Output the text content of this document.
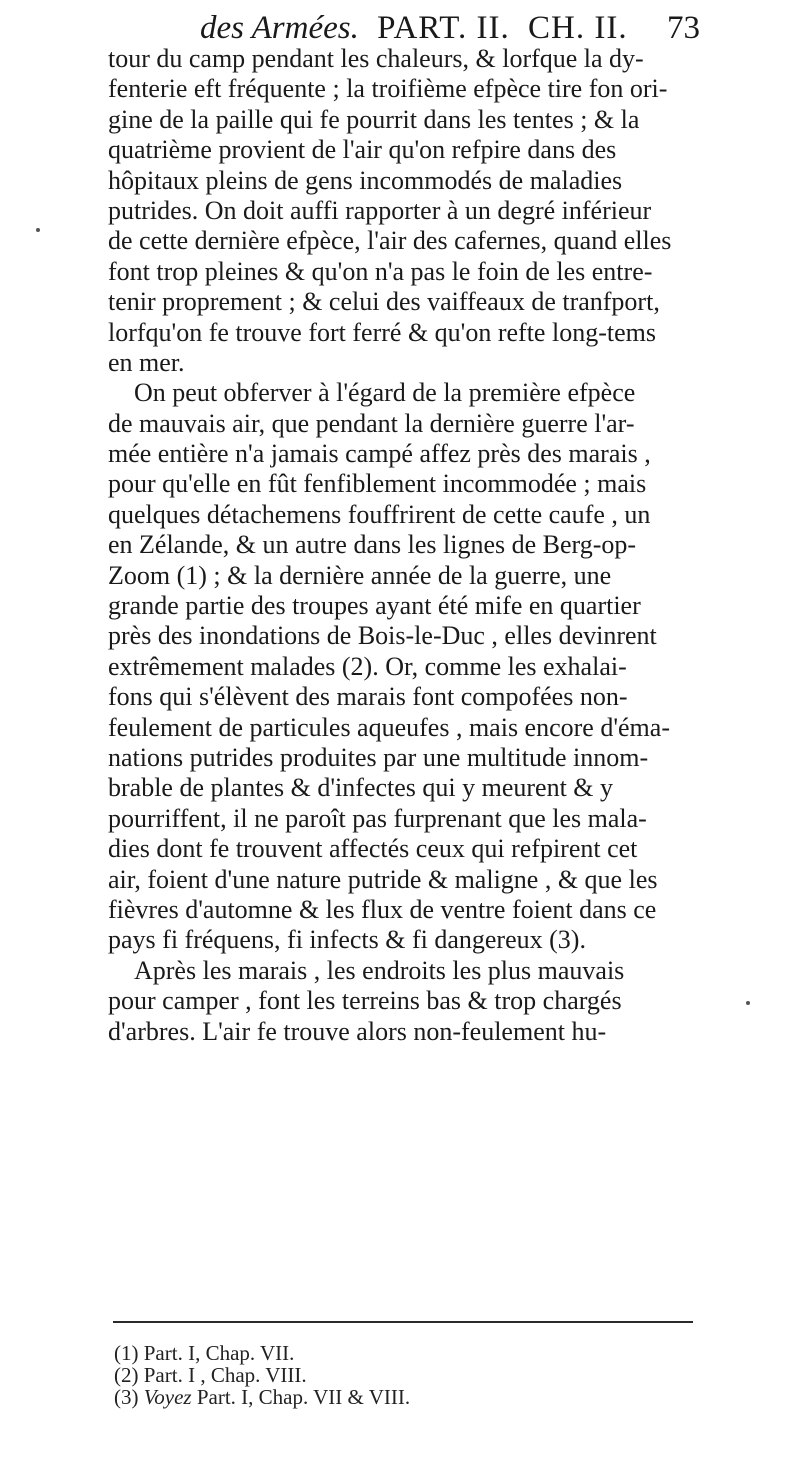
des Armées. PART. II. CH. II. 73
tour du camp pendant les chaleurs, & lorfque la dy-
fenterie eft fréquente ; la troifième efpèce tire fon ori-
gine de la paille qui fe pourrit dans les tentes ; & la
quatrième provient de l'air qu'on refpire dans des
hôpitaux pleins de gens incommodés de maladies
putrides. On doit auffi rapporter à un degré inférieur
de cette dernière efpèce, l'air des cafernes, quand elles
font trop pleines & qu'on n'a pas le foin de les entre-
tenir proprement ; & celui des vaiffeaux de tranfport,
lorfqu'on fe trouve fort ferré & qu'on refte long-tems
en mer.
On peut obferver à l'égard de la première efpèce
de mauvais air, que pendant la dernière guerre l'ar-
mée entière n'a jamais campé affez près des marais ,
pour qu'elle en fût fenfiblement incommodée ; mais
quelques détachemens fouffrirent de cette caufe , un
en Zélande, & un autre dans les lignes de Berg-op-
Zoom (1) ; & la dernière année de la guerre, une
grande partie des troupes ayant été mife en quartier
près des inondations de Bois-le-Duc , elles devinrent
extrêmement malades (2). Or, comme les exhalai-
fons qui s'élèvent des marais font compofées non-
feulement de particules aqueufes , mais encore d'éma-
nations putrides produites par une multitude innom-
brable de plantes & d'infectes qui y meurent & y
pourriffent, il ne paroît pas furprenant que les mala-
dies dont fe trouvent affectés ceux qui refpirent cet
air, foient d'une nature putride & maligne , & que les
fièvres d'automne & les flux de ventre foient dans ce
pays fi fréquens, fi infects & fi dangereux (3).
Après les marais , les endroits les plus mauvais
pour camper , font les terreins bas & trop chargés
d'arbres. L'air fe trouve alors non-feulement hu-
(1) Part. I, Chap. VII.
(2) Part. I , Chap. VIII.
(3) Voyez Part. I, Chap. VII & VIII.
